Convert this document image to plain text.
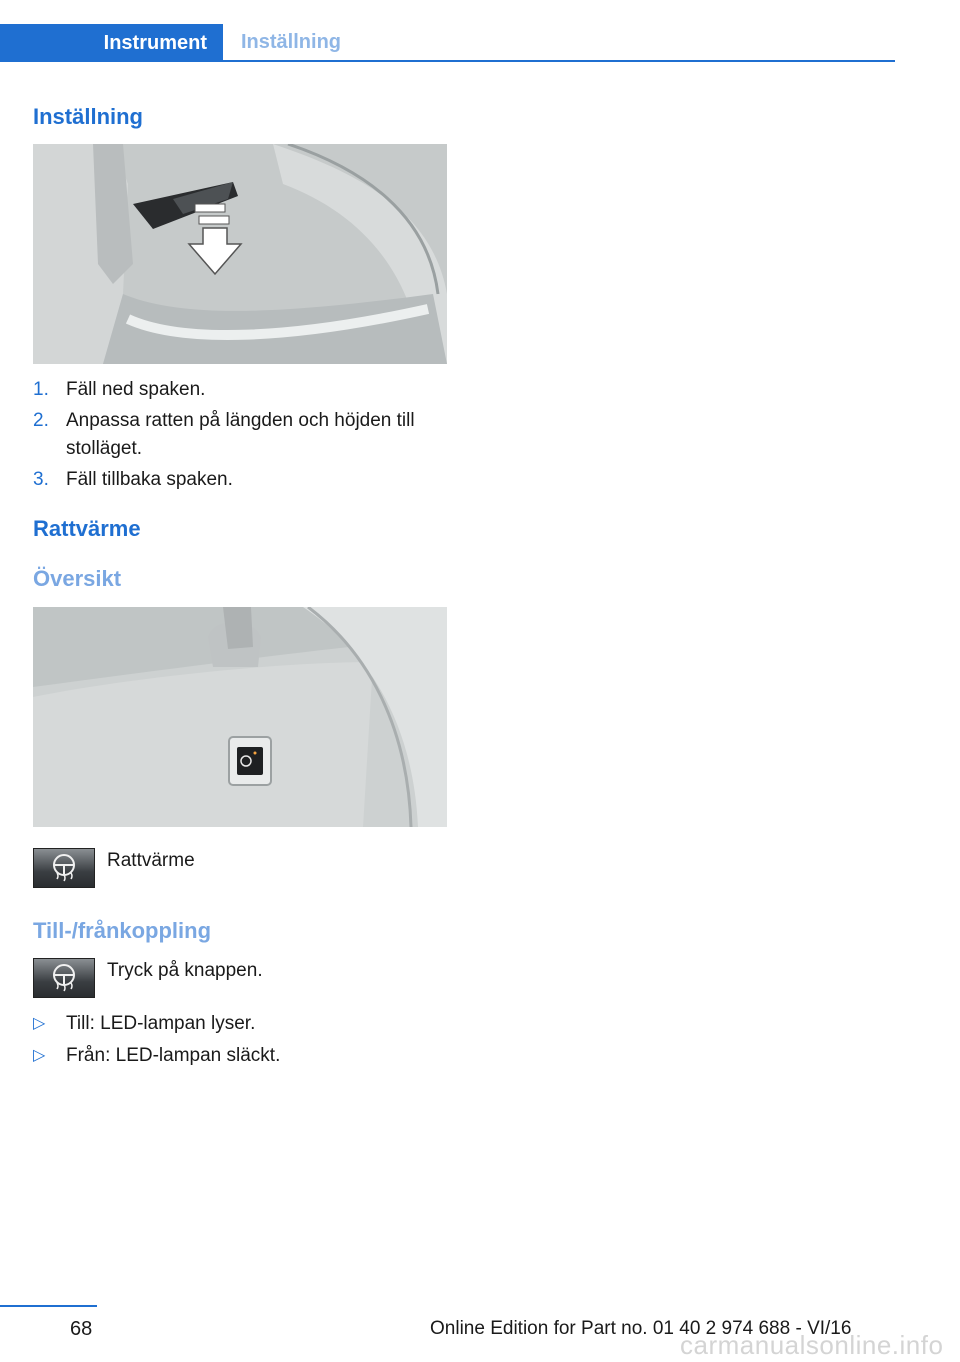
Instrument	Inställning
Inställning
1. Fäll ned spaken.
2. Anpassa ratten på längden och höjden till stolläget.
3. Fäll tillbaka spaken.
Rattvärme
Översikt
Rattvärme
Till-/frånkoppling
Tryck på knappen.
▷ Till: LED-lampan lyser.
▷ Från: LED-lampan släckt.
68	Online Edition for Part no. 01 40 2 974 688 - VI/16
carmanualsonline.info
